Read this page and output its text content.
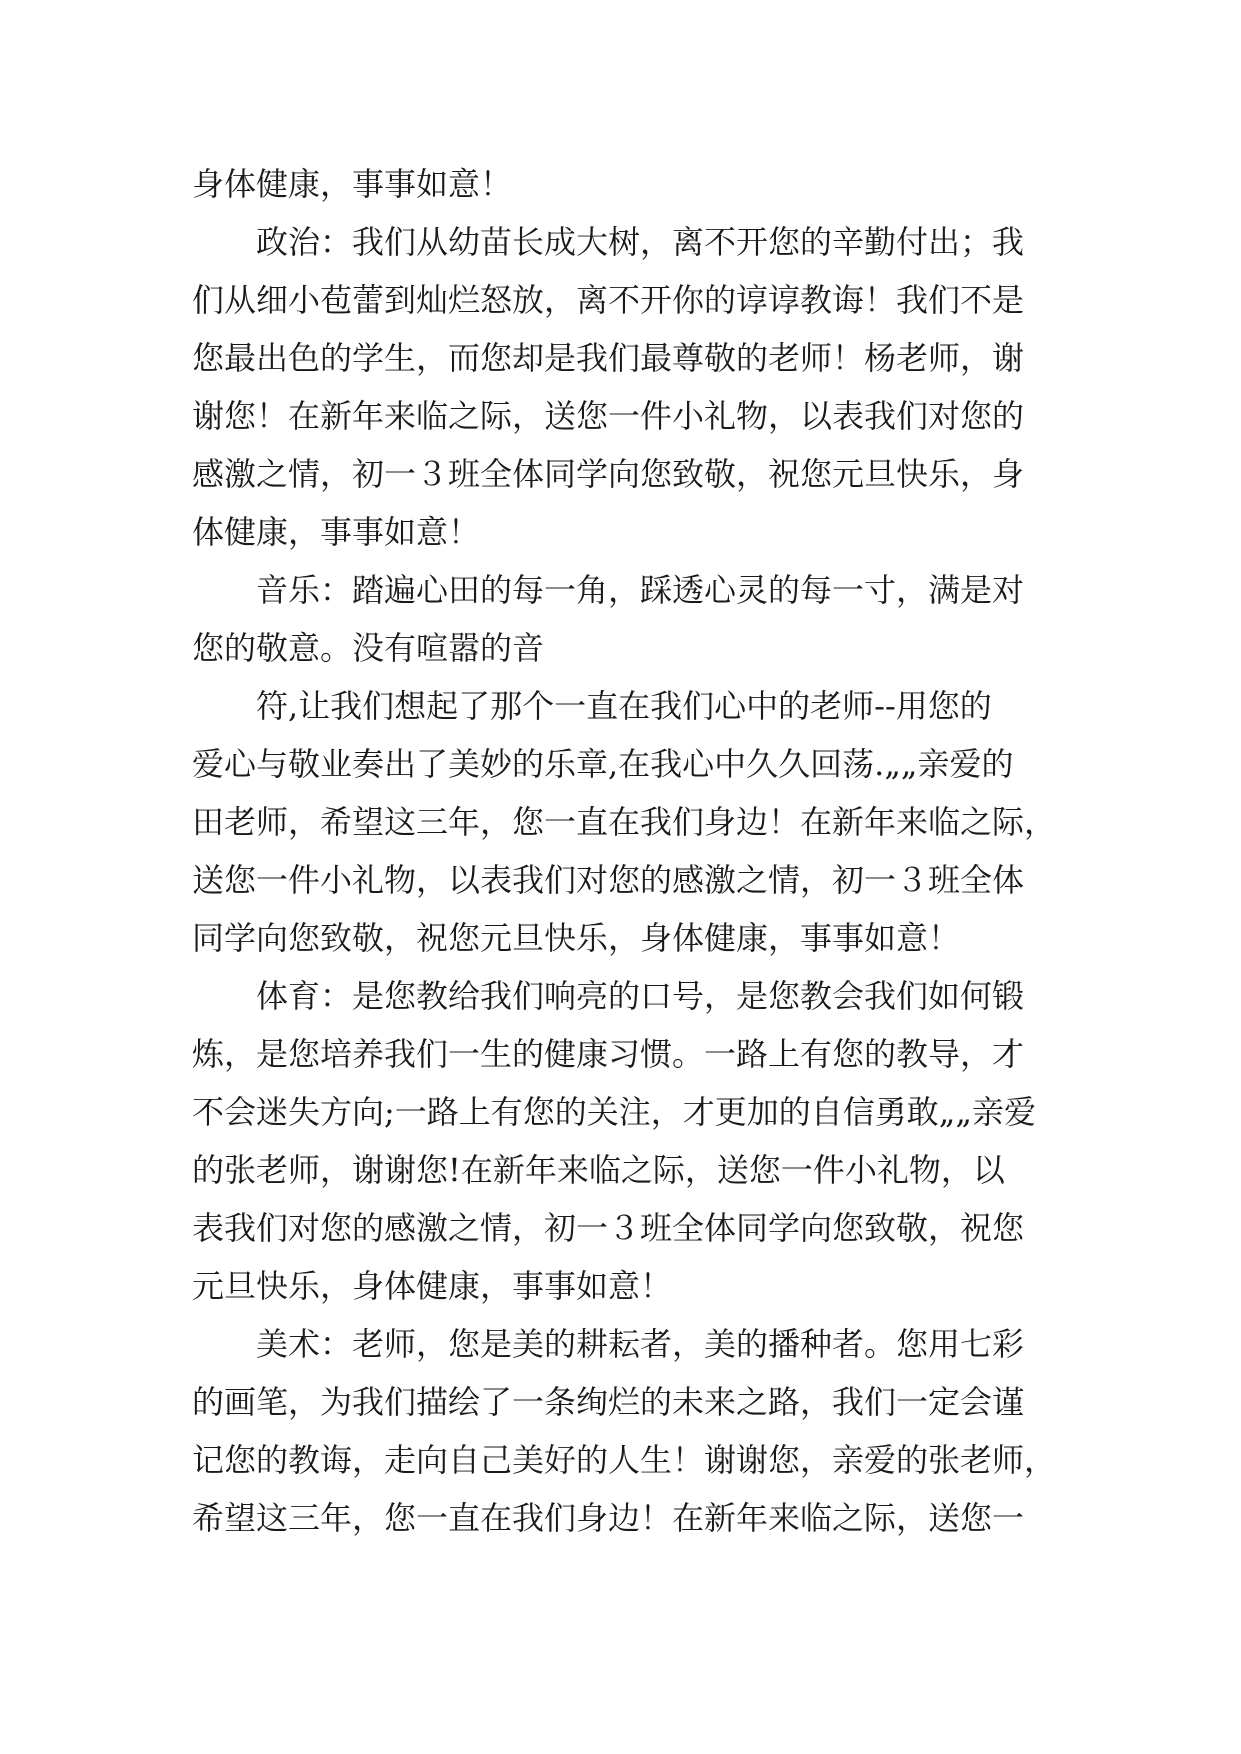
身体健康，事事如意！
政治：我们从幼苗长成大树，离不开您的辛勤付出；我
们从细小苞蕾到灿烂怒放，离不开你的谆谆教诲！我们不是
您最出色的学生，而您却是我们最尊敬的老师！杨老师，谢
谢您！在新年来临之际，送您一件小礼物，以表我们对您的
感激之情，初一３班全体同学向您致敬，祝您元旦快乐，身
体健康，事事如意！
音乐：踏遍心田的每一角，踩透心灵的每一寸，满是对
您的敬意。没有喧嚣的音
符,让我们想起了那个一直在我们心中的老师--用您的
爱心与敬业奏出了美妙的乐章,在我心中久久回荡.„„亲爱的
田老师，希望这三年，您一直在我们身边！在新年来临之际，
送您一件小礼物，以表我们对您的感激之情，初一３班全体
同学向您致敬，祝您元旦快乐，身体健康，事事如意！
体育：是您教给我们响亮的口号，是您教会我们如何锻
炼，是您培养我们一生的健康习惯。一路上有您的教导，才
不会迷失方向;一路上有您的关注，才更加的自信勇敢„„亲爱
的张老师，谢谢您!在新年来临之际，送您一件小礼物，以
表我们对您的感激之情，初一３班全体同学向您致敬，祝您
元旦快乐，身体健康，事事如意！
美术：老师，您是美的耕耘者，美的播种者。您用七彩
的画笔，为我们描绘了一条绚烂的未来之路，我们一定会谨
记您的教诲，走向自己美好的人生！谢谢您，亲爱的张老师，
希望这三年，您一直在我们身边！在新年来临之际，送您一
